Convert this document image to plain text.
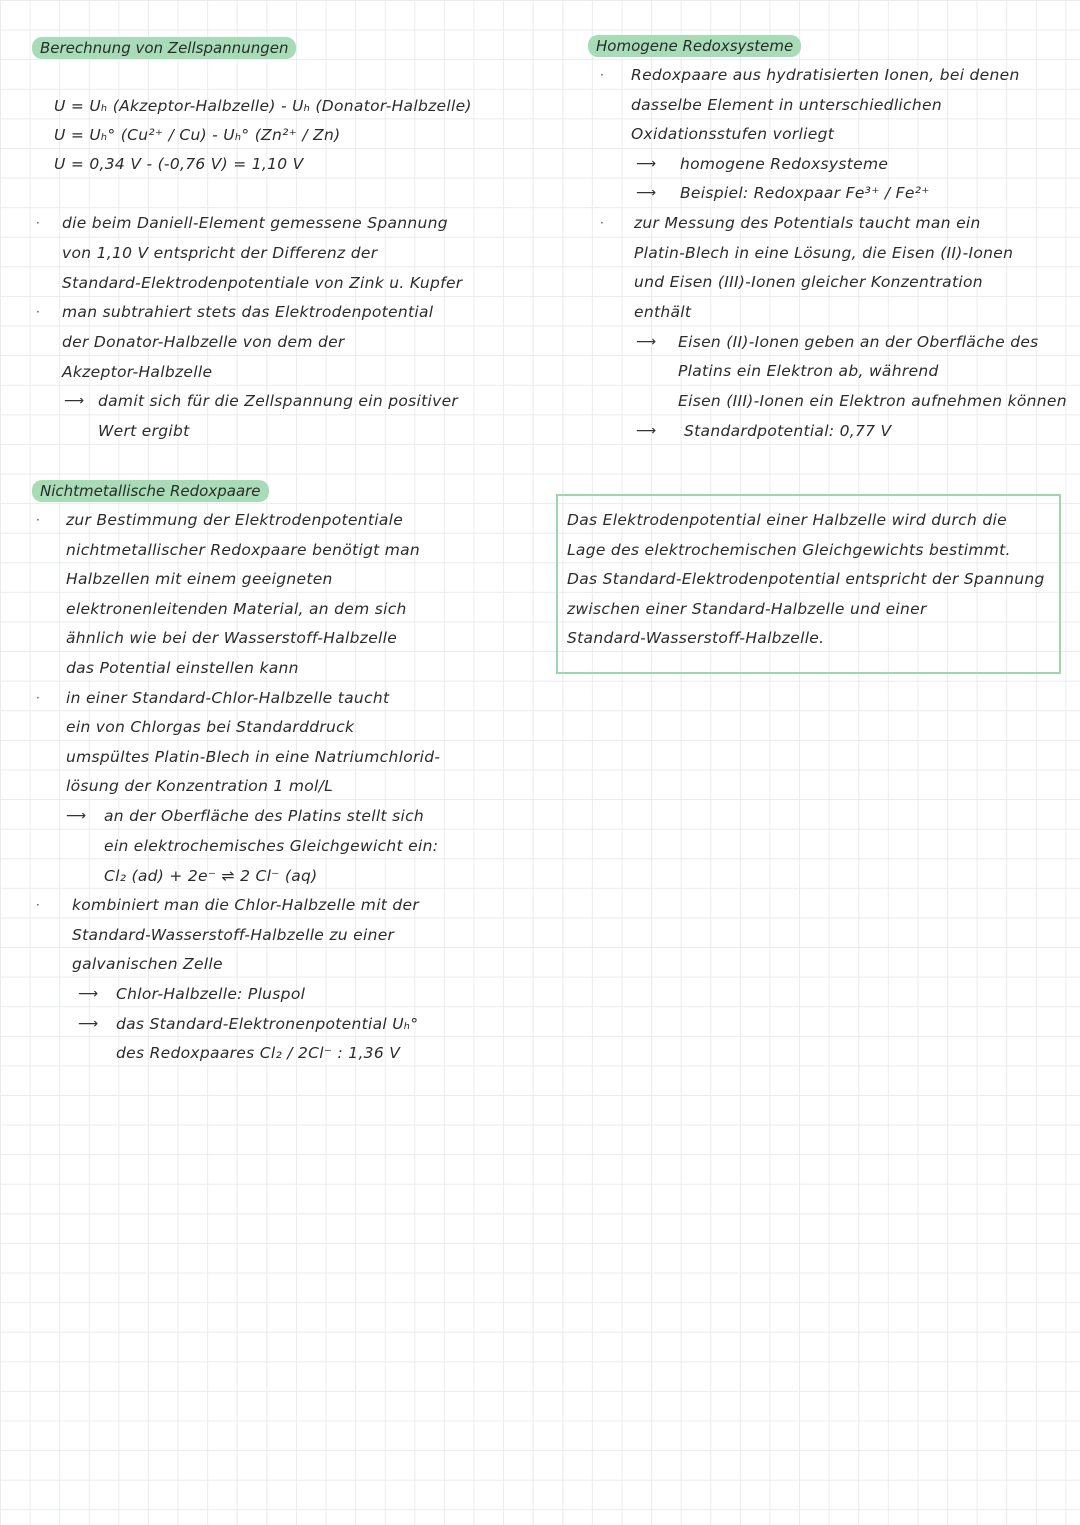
Berechnung von Zellspannungen
U = Uₕ (Akzeptor-Halbzelle) - Uₕ (Donator-Halbzelle)
U = Uₕ° (Cu²⁺ / Cu) - Uₕ° (Zn²⁺ / Zn)
U = 0,34 V - (-0,76 V) = 1,10 V
· die beim Daniell-Element gemessene Spannung
von 1,10 V entspricht der Differenz der
Standard-Elektrodenpotentiale von Zink u. Kupfer
· man subtrahiert stets das Elektrodenpotential
der Donator-Halbzelle von dem der
Akzeptor-Halbzelle
⟶ damit sich für die Zellspannung ein positiver
Wert ergibt
Nichtmetallische Redoxpaare
· zur Bestimmung der Elektrodenpotentiale
nichtmetallischer Redoxpaare benötigt man
Halbzellen mit einem geeigneten
elektronenleitenden Material, an dem sich
ähnlich wie bei der Wasserstoff-Halbzelle
das Potential einstellen kann
· in einer Standard-Chlor-Halbzelle taucht
ein von Chlorgas bei Standarddruck
umspültes Platin-Blech in eine Natriumchlorid-
lösung der Konzentration 1 mol/L
⟶ an der Oberfläche des Platins stellt sich
ein elektrochemisches Gleichgewicht ein:
Cl₂ (ad) + 2e⁻ ⇌ 2 Cl⁻ (aq)
· kombiniert man die Chlor-Halbzelle mit der
Standard-Wasserstoff-Halbzelle zu einer
galvanischen Zelle
⟶ Chlor-Halbzelle: Pluspol
⟶ das Standard-Elektronenpotential Uₕ°
des Redoxpaares Cl₂ / 2Cl⁻ : 1,36 V
Homogene Redoxsysteme
· Redoxpaare aus hydratisierten Ionen, bei denen
dasselbe Element in unterschiedlichen
Oxidationsstufen vorliegt
⟶ homogene Redoxsysteme
⟶ Beispiel: Redoxpaar Fe³⁺ / Fe²⁺
· zur Messung des Potentials taucht man ein
Platin-Blech in eine Lösung, die Eisen (II)-Ionen
und Eisen (III)-Ionen gleicher Konzentration
enthält
⟶ Eisen (II)-Ionen geben an der Oberfläche des
Platins ein Elektron ab, während
Eisen (III)-Ionen ein Elektron aufnehmen können
⟶ Standardpotential: 0,77 V
Das Elektrodenpotential einer Halbzelle wird durch die
Lage des elektrochemischen Gleichgewichts bestimmt.
Das Standard-Elektrodenpotential entspricht der Spannung
zwischen einer Standard-Halbzelle und einer
Standard-Wasserstoff-Halbzelle.
